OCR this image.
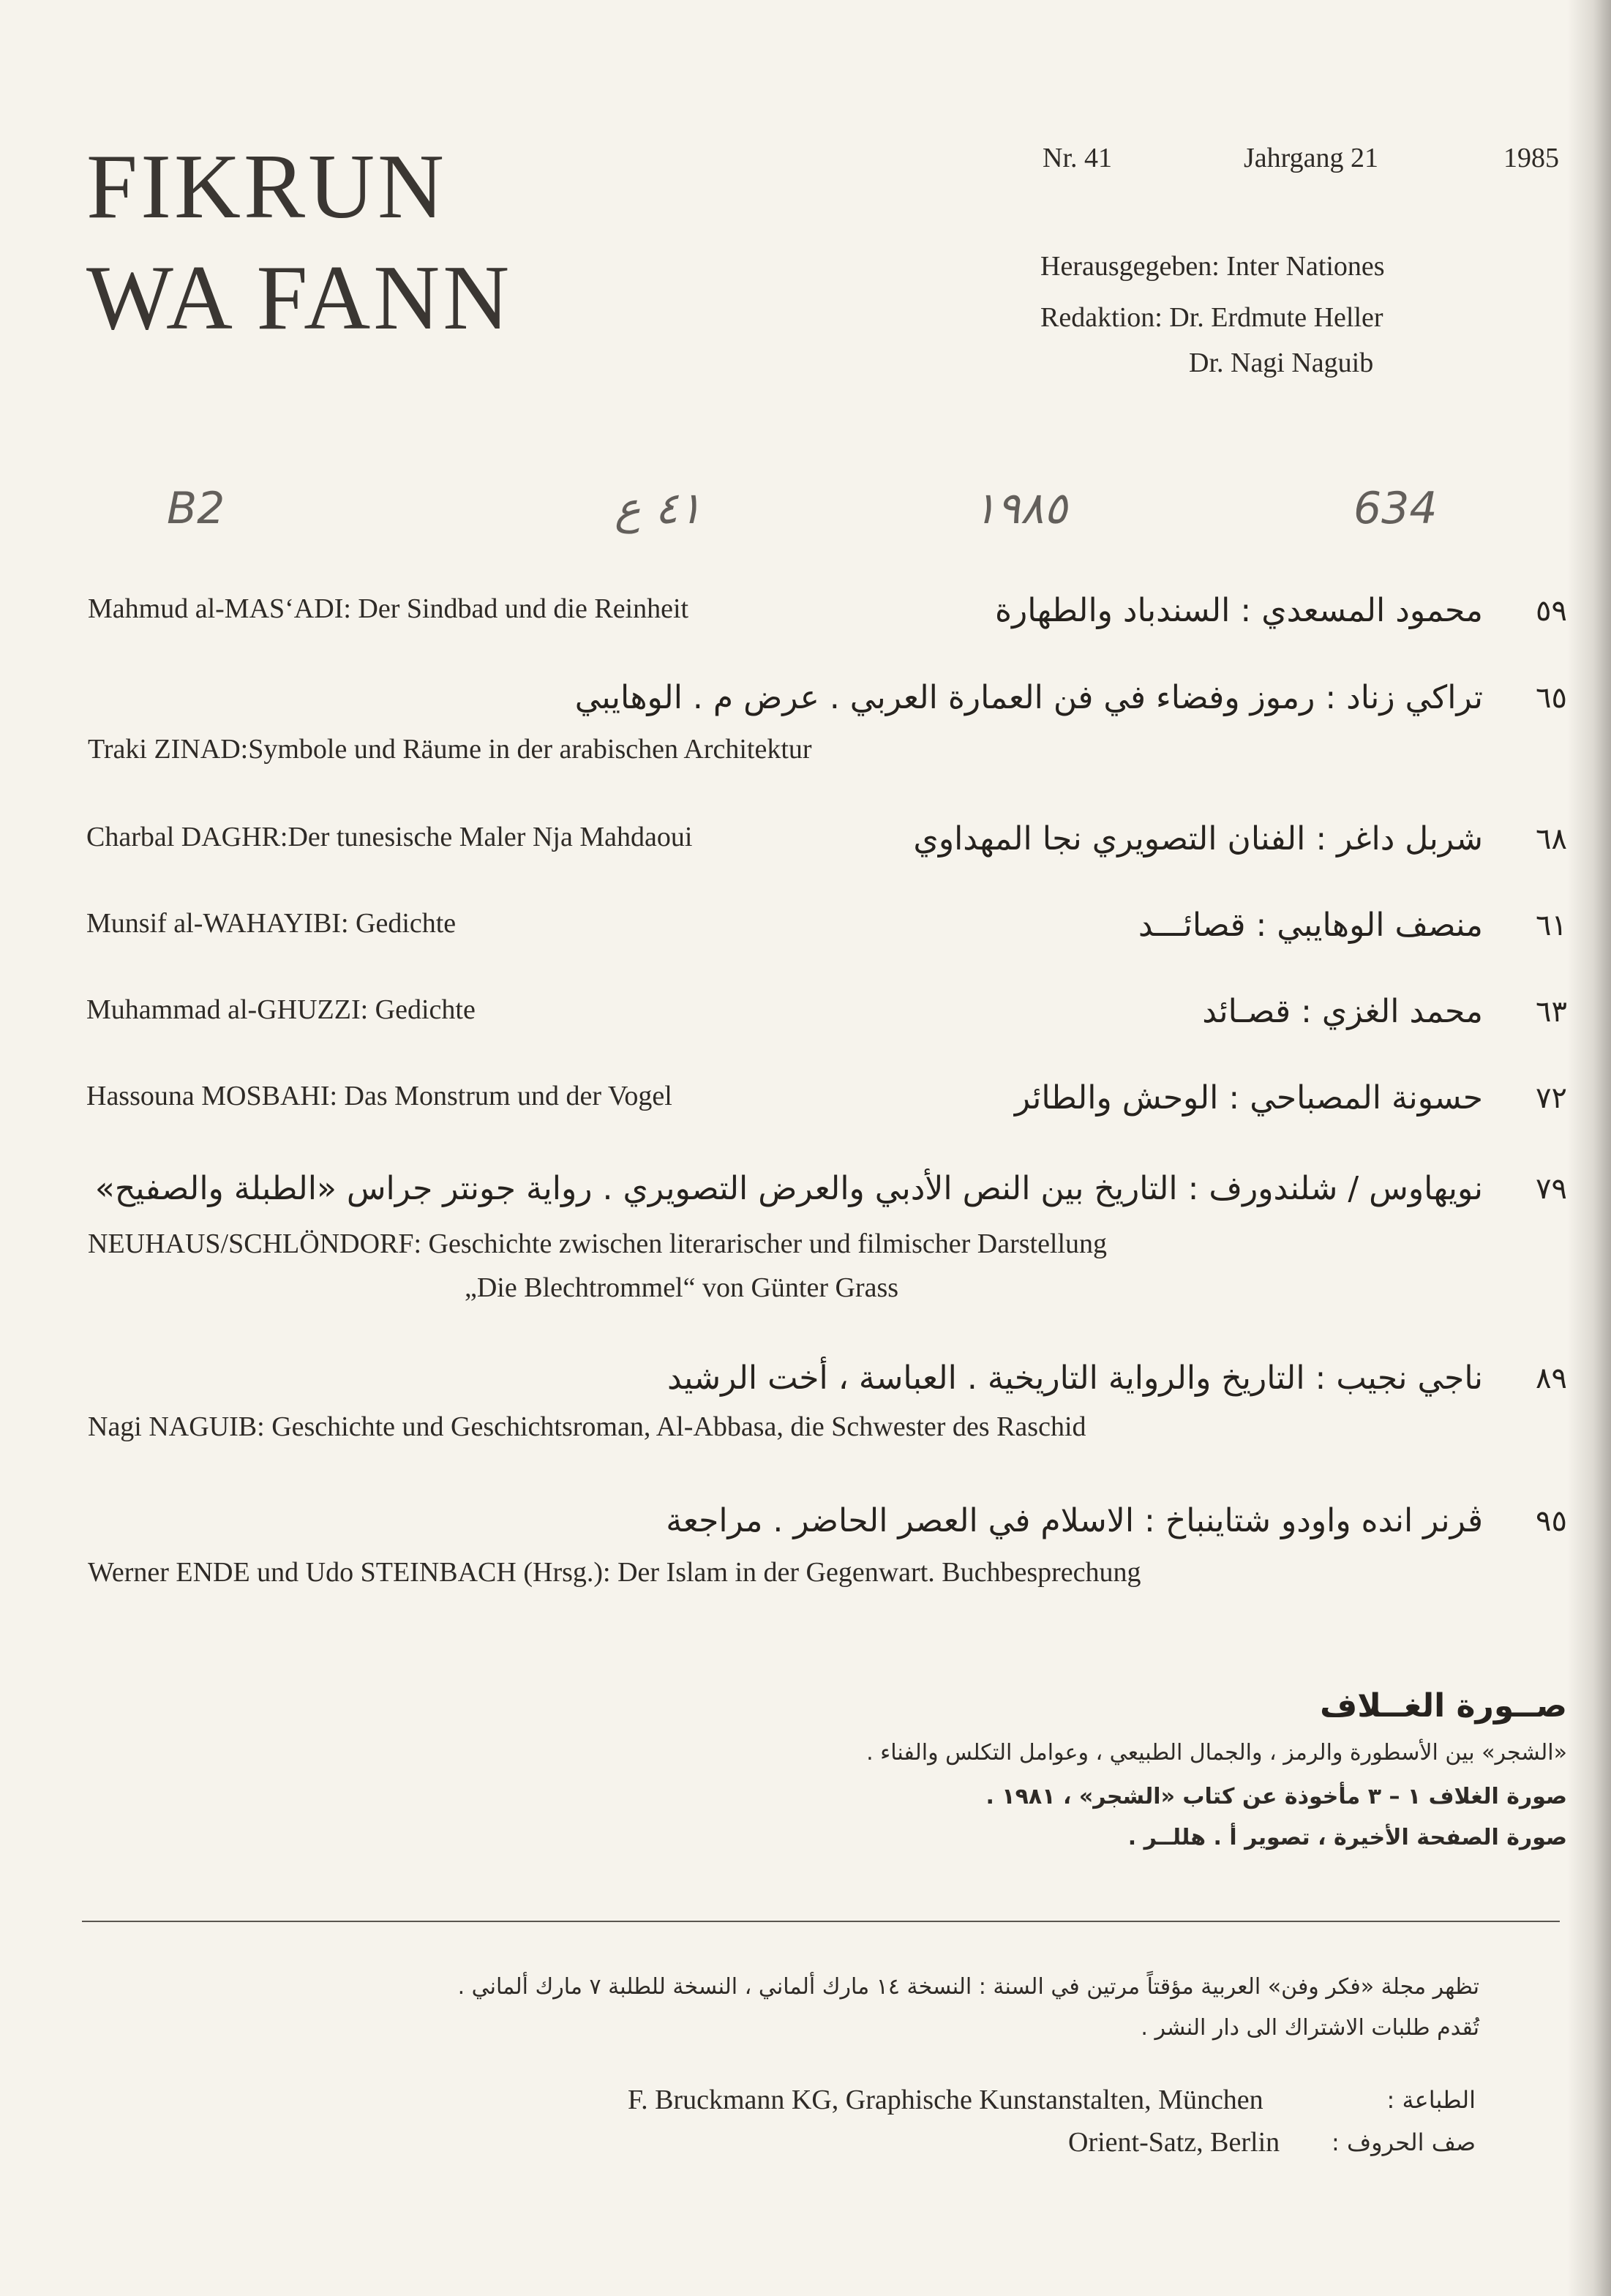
FIKRUN
WA FANN
Nr. 41	Jahrgang 21	1985
Herausgegeben: Inter Nationes
Redaktion: Dr. Erdmute Heller
Dr. Nagi Naguib
B2	٤١ ع	١٩٨٥	634
٥٩
محمود المسعدي : السندباد والطهارة
Mahmud al-MAS‘ADI: Der Sindbad und die Reinheit
٦٥
تراكي زناد : رموز وفضاء في فن العمارة العربي . عرض م . الوهايبي
Traki ZINAD:Symbole und Räume in der arabischen Architektur
٦٨
شربل داغر : الفنان التصويري نجا المهداوي
Charbal DAGHR:Der tunesische Maler Nja Mahdaoui
٦١
منصف الوهايبي : قصائـــد
Munsif al-WAHAYIBI: Gedichte
٦٣
محمد الغزي : قصـائد
Muhammad al-GHUZZI: Gedichte
٧٢
حسونة المصباحي : الوحش والطائر
Hassouna MOSBAHI: Das Monstrum und der Vogel
٧٩
نويهاوس / شلندورف : التاريخ بين النص الأدبي والعرض التصويري . رواية جونتر جراس «الطبلة والصفيح»
NEUHAUS/SCHLÖNDORF: Geschichte zwischen literarischer und filmischer Darstellung
„Die Blechtrommel“ von Günter Grass
٨٩
ناجي نجيب : التاريخ والرواية التاريخية . العباسة ، أخت الرشيد
Nagi NAGUIB: Geschichte und Geschichtsroman, Al-Abbasa, die Schwester des Raschid
٩٥
ڤرنر انده واودو شتاينباخ : الاسلام في العصر الحاضر . مراجعة
Werner ENDE und Udo STEINBACH (Hrsg.): Der Islam in der Gegenwart. Buchbesprechung
صــورة الغــلاف
«الشجر» بين الأسطورة والرمز ، والجمال الطبيعي ، وعوامل التكلس والفناء .
صورة الغلاف ١ – ٣ مأخوذة عن كتاب «الشجر» ، ١٩٨١ .
صورة الصفحة الأخيرة ، تصوير أ . هللــر .
تظهر مجلة «فكر وفن» العربية مؤقتاً مرتين في السنة : النسخة ١٤ مارك ألماني ، النسخة للطلبة ٧ مارك ألماني .
تُقدم طلبات الاشتراك الى دار النشر .
الطباعة :
F. Bruckmann KG, Graphische Kunstanstalten, München
صف الحروف :
Orient-Satz, Berlin
